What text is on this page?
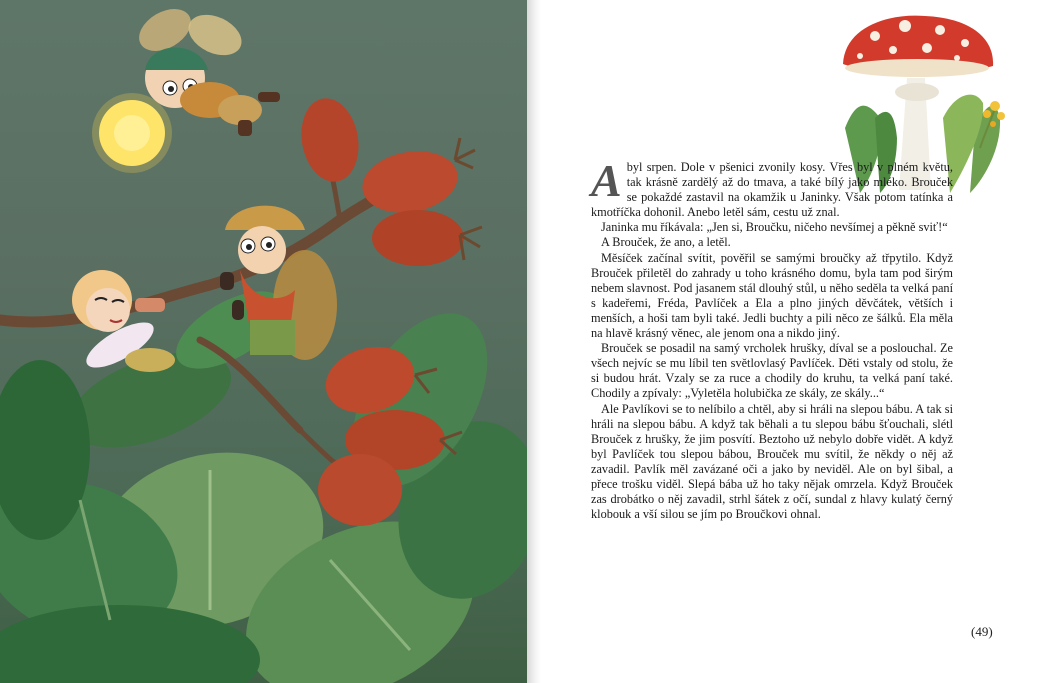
A byl srpen. Dole v pšenici zvonily kosy. Vřes byl v plném květu, tak krásně zardělý až do tmava, a také bílý jako mléko. Brouček se pokaždé zastavil na okamžik u Janinky. Však potom tatínka a kmotříčka dohonil. Anebo letěl sám, cestu už znal.

Janinka mu říkávala: „Jen si, Broučku, ničeho nevšímej a pěkně sviť!“

A Brouček, že ano, a letěl.

Měsíček začínal svítit, pověřil se samými broučky až třpytilo. Když Brouček přiletěl do zahrady u toho krásného domu, byla tam pod širým nebem slavnost. Pod jasanem stál dlouhý stůl, u něho seděla ta velká paní s kadeřemi, Fréda, Pavlíček a Ela a plno jiných děvčátek, větších i menších, a hoši tam byli také. Jedli buchty a pili něco ze šálků. Ela měla na hlavě krásný věnec, ale jenom ona a nikdo jiný.

Brouček se posadil na samý vrcholek hrušky, díval se a poslouchal. Ze všech nejvíc se mu líbil ten světlovlasý Pavlíček. Děti vstaly od stolu, že si budou hrát. Vzaly se za ruce a chodily do kruhu, ta velká paní také. Chodily a zpívaly: „Vyletěla holubička ze skály, ze skály...“

Ale Pavlíkovi se to nelíbilo a chtěl, aby si hráli na slepou bábu. A tak si hráli na slepou bábu. A když tak běhali a tu slepou bábu šťouchali, slétl Brouček z hrušky, že jim posvítí. Beztoho už nebylo dobře vidět. A když byl Pavlíček tou slepou bábou, Brouček mu svítil, že někdy o něj až zavadil. Pavlík měl zavázané oči a jako by neviděl. Ale on byl šibal, a přece trošku viděl. Slepá bába už ho taky nějak omrzela. Když Brouček zas drobátko o něj zavadil, strhl šátek z očí, sundal z hlavy kulatý černý klobouk a vší silou se jím po Broučkovi ohnal.

(49)
